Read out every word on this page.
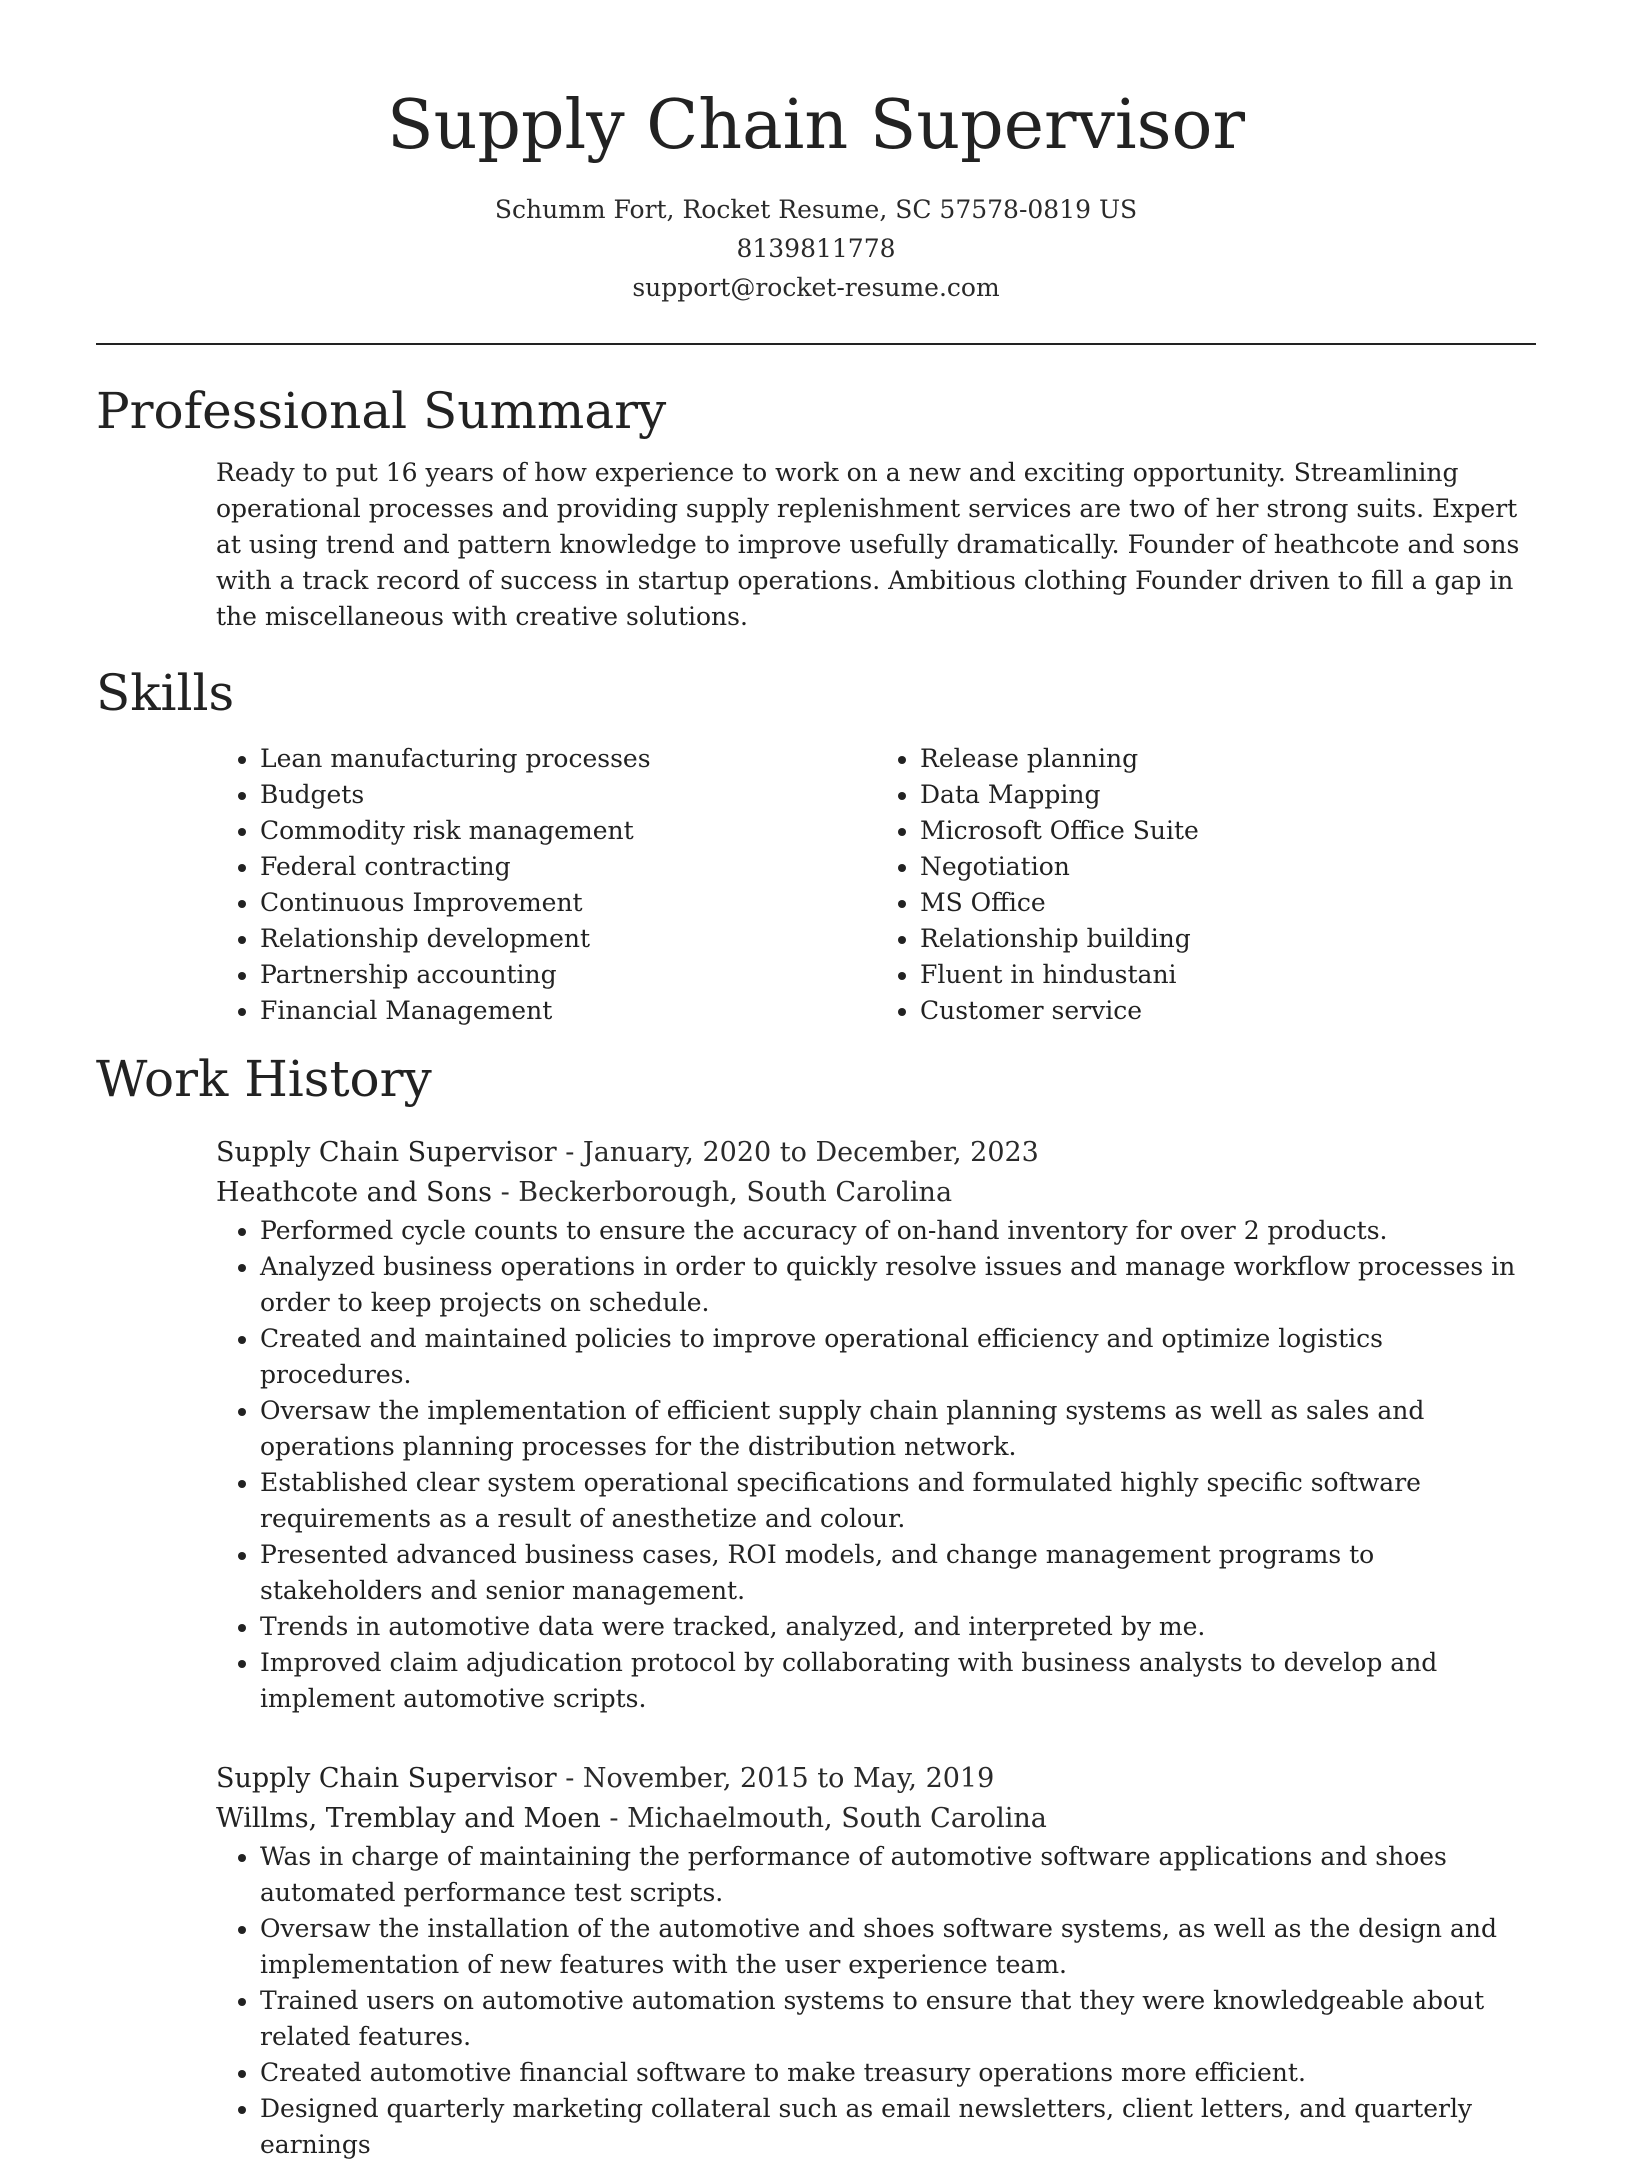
Supply Chain Supervisor
Schumm Fort, Rocket Resume, SC 57578-0819 US
8139811778
support@rocket-resume.com
Professional Summary

Ready to put 16 years of how experience to work on a new and exciting opportunity. Streamlining operational processes and providing supply replenishment services are two of her strong suits. Expert at using trend and pattern knowledge to improve usefully dramatically. Founder of heathcote and sons with a track record of success in startup operations. Ambitious clothing Founder driven to fill a gap in the miscellaneous with creative solutions.

Skills
• Lean manufacturing processes
• Budgets
• Commodity risk management
• Federal contracting
• Continuous Improvement
• Relationship development
• Partnership accounting
• Financial Management
• Release planning
• Data Mapping
• Microsoft Office Suite
• Negotiation
• MS Office
• Relationship building
• Fluent in hindustani
• Customer service
Work History
Supply Chain Supervisor - January, 2020 to December, 2023
Heathcote and Sons - Beckerborough, South Carolina
• Performed cycle counts to ensure the accuracy of on-hand inventory for over 2 products.
• Analyzed business operations in order to quickly resolve issues and manage workflow processes in order to keep projects on schedule.
• Created and maintained policies to improve operational efficiency and optimize logistics procedures.
• Oversaw the implementation of efficient supply chain planning systems as well as sales and operations planning processes for the distribution network.
• Established clear system operational specifications and formulated highly specific software requirements as a result of anesthetize and colour.
• Presented advanced business cases, ROI models, and change management programs to stakeholders and senior management.
• Trends in automotive data were tracked, analyzed, and interpreted by me.
• Improved claim adjudication protocol by collaborating with business analysts to develop and implement automotive scripts.
Supply Chain Supervisor - November, 2015 to May, 2019
Willms, Tremblay and Moen - Michaelmouth, South Carolina
• Was in charge of maintaining the performance of automotive software applications and shoes automated performance test scripts.
• Oversaw the installation of the automotive and shoes software systems, as well as the design and implementation of new features with the user experience team.
• Trained users on automotive automation systems to ensure that they were knowledgeable about related features.
• Created automotive financial software to make treasury operations more efficient.
• Designed quarterly marketing collateral such as email newsletters, client letters, and quarterly earnings
